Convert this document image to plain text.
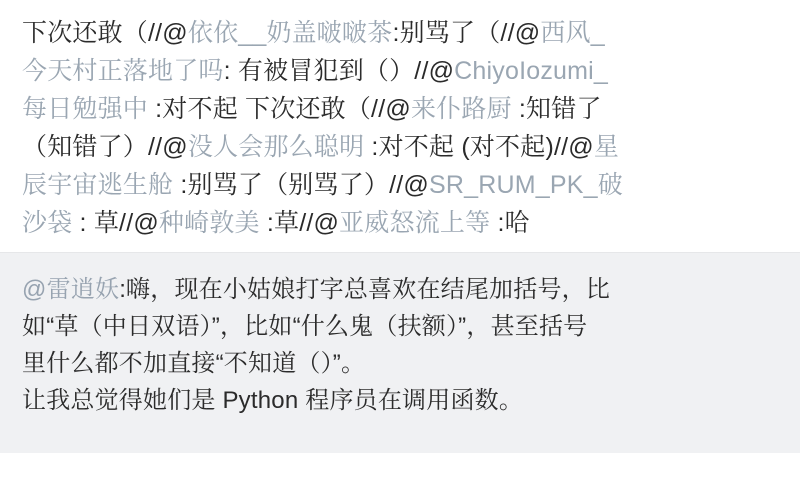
下次还敢（//@依依__奶盖啵啵茶:别骂了（//@西风_
今天村正落地了吗: 有被冒犯到（）//@ChiyoIozumi_
每日勉强中 :对不起 下次还敢（//@来仆路厨 :知错了
（知错了）//@没人会那么聪明 :对不起 (对不起)//@星
辰宇宙逃生舱 :别骂了（别骂了）//@SR_RUM_PK_破
沙袋 : 草//@种崎敦美 :草//@亚威怒流上等 :哈
@雷逍妖:嗨，现在小姑娘打字总喜欢在结尾加括号，比
如“草（中日双语）”，比如“什么鬼（扶额）”，甚至括号
里什么都不加直接“不知道（）”。
让我总觉得她们是 Python 程序员在调用函数。
